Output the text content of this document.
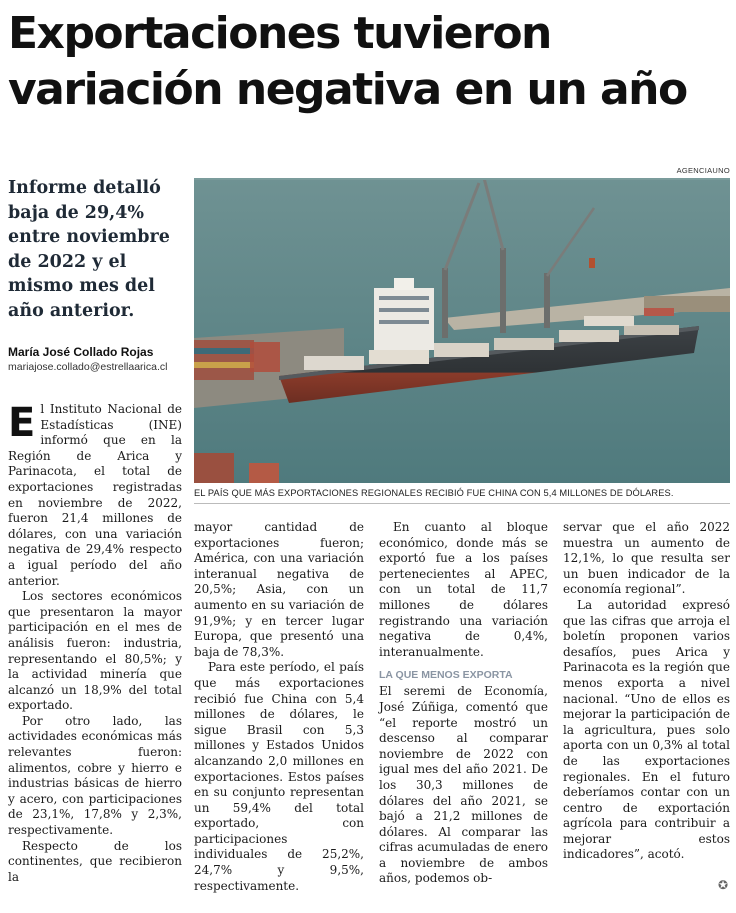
Exportaciones tuvieron
variación negativa en un año
Informe detalló baja de 29,4% entre noviembre de 2022 y el mismo mes del año anterior.
María José Collado Rojas
mariajose.collado@estrellaarica.cl
AGENCIAUNO
EL PAÍS QUE MÁS EXPORTACIONES REGIONALES RECIBIÓ FUE CHINA CON 5,4 MILLONES DE DÓLARES.

El Instituto Nacional de Estadísticas (INE) informó que en la Región de Arica y Parinacota, el total de exportaciones registradas en noviembre de 2022, fueron 21,4 millones de dólares, con una variación negativa de 29,4% respecto a igual período del año anterior.

Los sectores económicos que presentaron la mayor participación en el mes de análisis fueron: industria, representando el 80,5%; y la actividad minería que alcanzó un 18,9% del total exportado.

Por otro lado, las actividades económicas más relevantes fueron: alimentos, cobre y hierro e industrias básicas de hierro y acero, con participaciones de 23,1%, 17,8% y 2,3%, respectivamente.

Respecto de los continentes, que recibieron la

mayor cantidad de exportaciones fueron; América, con una variación interanual negativa de 20,5%; Asia, con un aumento en su variación de 91,9%; y en tercer lugar Europa, que presentó una baja de 78,3%.

Para este período, el país que más exportaciones recibió fue China con 5,4 millones de dólares, le sigue Brasil con 5,3 millones y Estados Unidos alcanzando 2,0 millones en exportaciones. Estos países en su conjunto representan un 59,4% del total exportado, con participaciones individuales de 25,2%, 24,7% y 9,5%, respectivamente.

En cuanto al bloque económico, donde más se exportó fue a los países pertenecientes al APEC, con un total de 11,7 millones de dólares registrando una variación negativa de 0,4%, interanualmente.

LA QUE MENOS EXPORTA

El seremi de Economía, José Zúñiga, comentó que “el reporte mostró un descenso al comparar noviembre de 2022 con igual mes del año 2021. De los 30,3 millones de dólares del año 2021, se bajó a 21,2 millones de dólares. Al comparar las cifras acumuladas de enero a noviembre de ambos años, podemos ob-

servar que el año 2022 muestra un aumento de 12,1%, lo que resulta ser un buen indicador de la economía regional”.

La autoridad expresó que las cifras que arroja el boletín proponen varios desafíos, pues Arica y Parinacota es la región que menos exporta a nivel nacional. “Uno de ellos es mejorar la participación de la agricultura, pues solo aporta con un 0,3% al total de las exportaciones regionales. En el futuro deberíamos contar con un centro de exportación agrícola para contribuir a mejorar estos indicadores”, acotó.

✪
